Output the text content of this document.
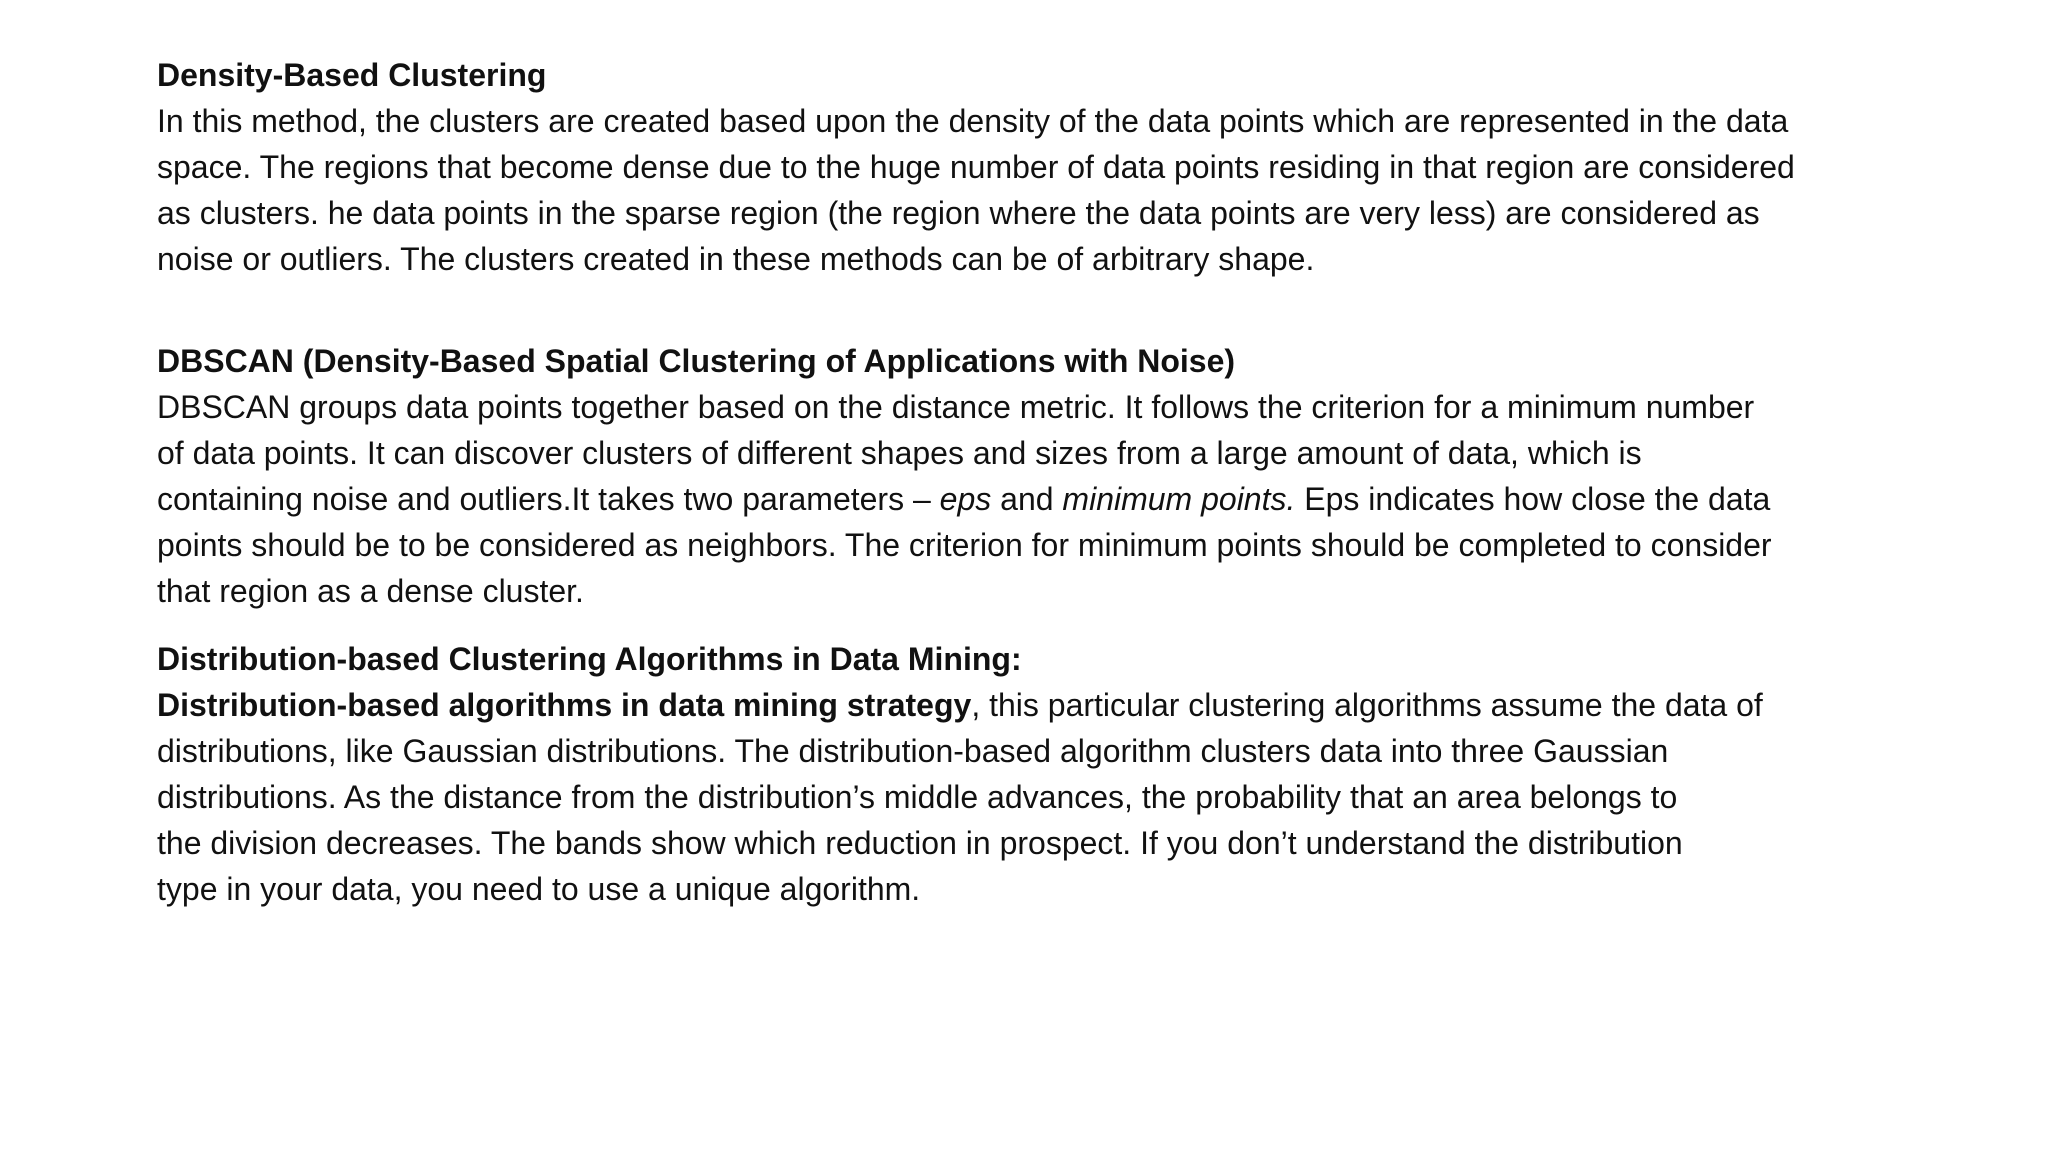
Density-Based Clustering

In this method, the clusters are created based upon the density of the data points which are represented in the data
space. The regions that become dense due to the huge number of data points residing in that region are considered
as clusters. he data points in the sparse region (the region where the data points are very less) are considered as
noise or outliers. The clusters created in these methods can be of arbitrary shape.

DBSCAN (Density-Based Spatial Clustering of Applications with Noise)

DBSCAN groups data points together based on the distance metric. It follows the criterion for a minimum number
of data points. It can discover clusters of different shapes and sizes from a large amount of data, which is
containing noise and outliers.It takes two parameters – eps and minimum points. Eps indicates how close the data
points should be to be considered as neighbors. The criterion for minimum points should be completed to consider
that region as a dense cluster.

Distribution-based Clustering Algorithms in Data Mining:

Distribution-based algorithms in data mining strategy, this particular clustering algorithms assume the data of
distributions, like Gaussian distributions. The distribution-based algorithm clusters data into three Gaussian
distributions. As the distance from the distribution’s middle advances, the probability that an area belongs to
the division decreases. The bands show which reduction in prospect. If you don’t understand the distribution
type in your data, you need to use a unique algorithm.
